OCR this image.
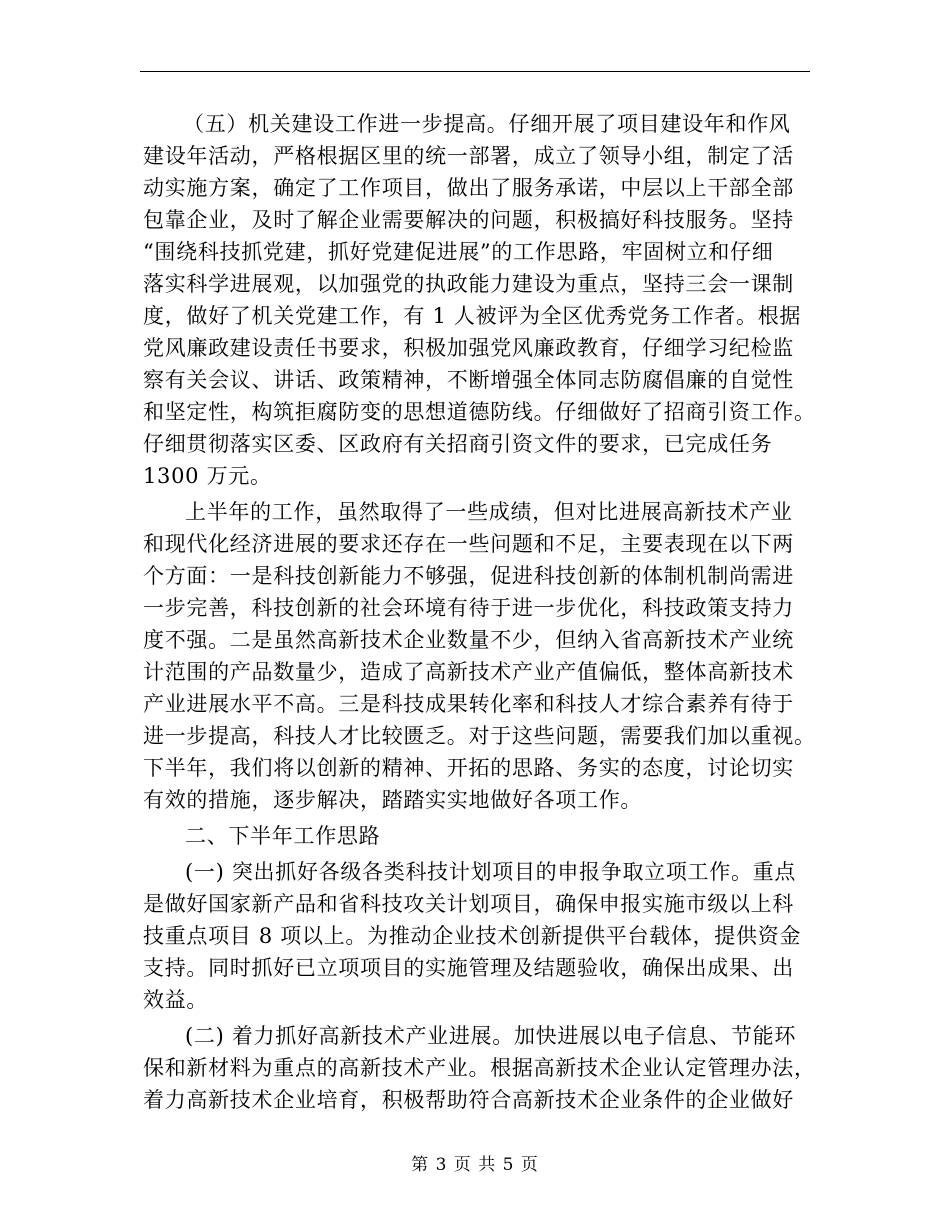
（五）机关建设工作进一步提高。仔细开展了项目建设年和作风
建设年活动，严格根据区里的统一部署，成立了领导小组，制定了活
动实施方案，确定了工作项目，做出了服务承诺，中层以上干部全部
包靠企业，及时了解企业需要解决的问题，积极搞好科技服务。坚持
“围绕科技抓党建，抓好党建促进展”的工作思路，牢固树立和仔细
落实科学进展观，以加强党的执政能力建设为重点，坚持三会一课制
度，做好了机关党建工作，有 1 人被评为全区优秀党务工作者。根据
党风廉政建设责任书要求，积极加强党风廉政教育，仔细学习纪检监
察有关会议、讲话、政策精神，不断增强全体同志防腐倡廉的自觉性
和坚定性，构筑拒腐防变的思想道德防线。仔细做好了招商引资工作。
仔细贯彻落实区委、区政府有关招商引资文件的要求，已完成任务
1300 万元。
上半年的工作，虽然取得了一些成绩，但对比进展高新技术产业
和现代化经济进展的要求还存在一些问题和不足，主要表现在以下两
个方面：一是科技创新能力不够强，促进科技创新的体制机制尚需进
一步完善，科技创新的社会环境有待于进一步优化，科技政策支持力
度不强。二是虽然高新技术企业数量不少，但纳入省高新技术产业统
计范围的产品数量少，造成了高新技术产业产值偏低，整体高新技术
产业进展水平不高。三是科技成果转化率和科技人才综合素养有待于
进一步提高，科技人才比较匮乏。对于这些问题，需要我们加以重视。
下半年，我们将以创新的精神、开拓的思路、务实的态度，讨论切实
有效的措施，逐步解决，踏踏实实地做好各项工作。
二、下半年工作思路
(一) 突出抓好各级各类科技计划项目的申报争取立项工作。重点
是做好国家新产品和省科技攻关计划项目，确保申报实施市级以上科
技重点项目 8 项以上。为推动企业技术创新提供平台载体，提供资金
支持。同时抓好已立项项目的实施管理及结题验收，确保出成果、出
效益。
(二) 着力抓好高新技术产业进展。加快进展以电子信息、节能环
保和新材料为重点的高新技术产业。根据高新技术企业认定管理办法，
着力高新技术企业培育，积极帮助符合高新技术企业条件的企业做好
第 3 页 共 5 页
